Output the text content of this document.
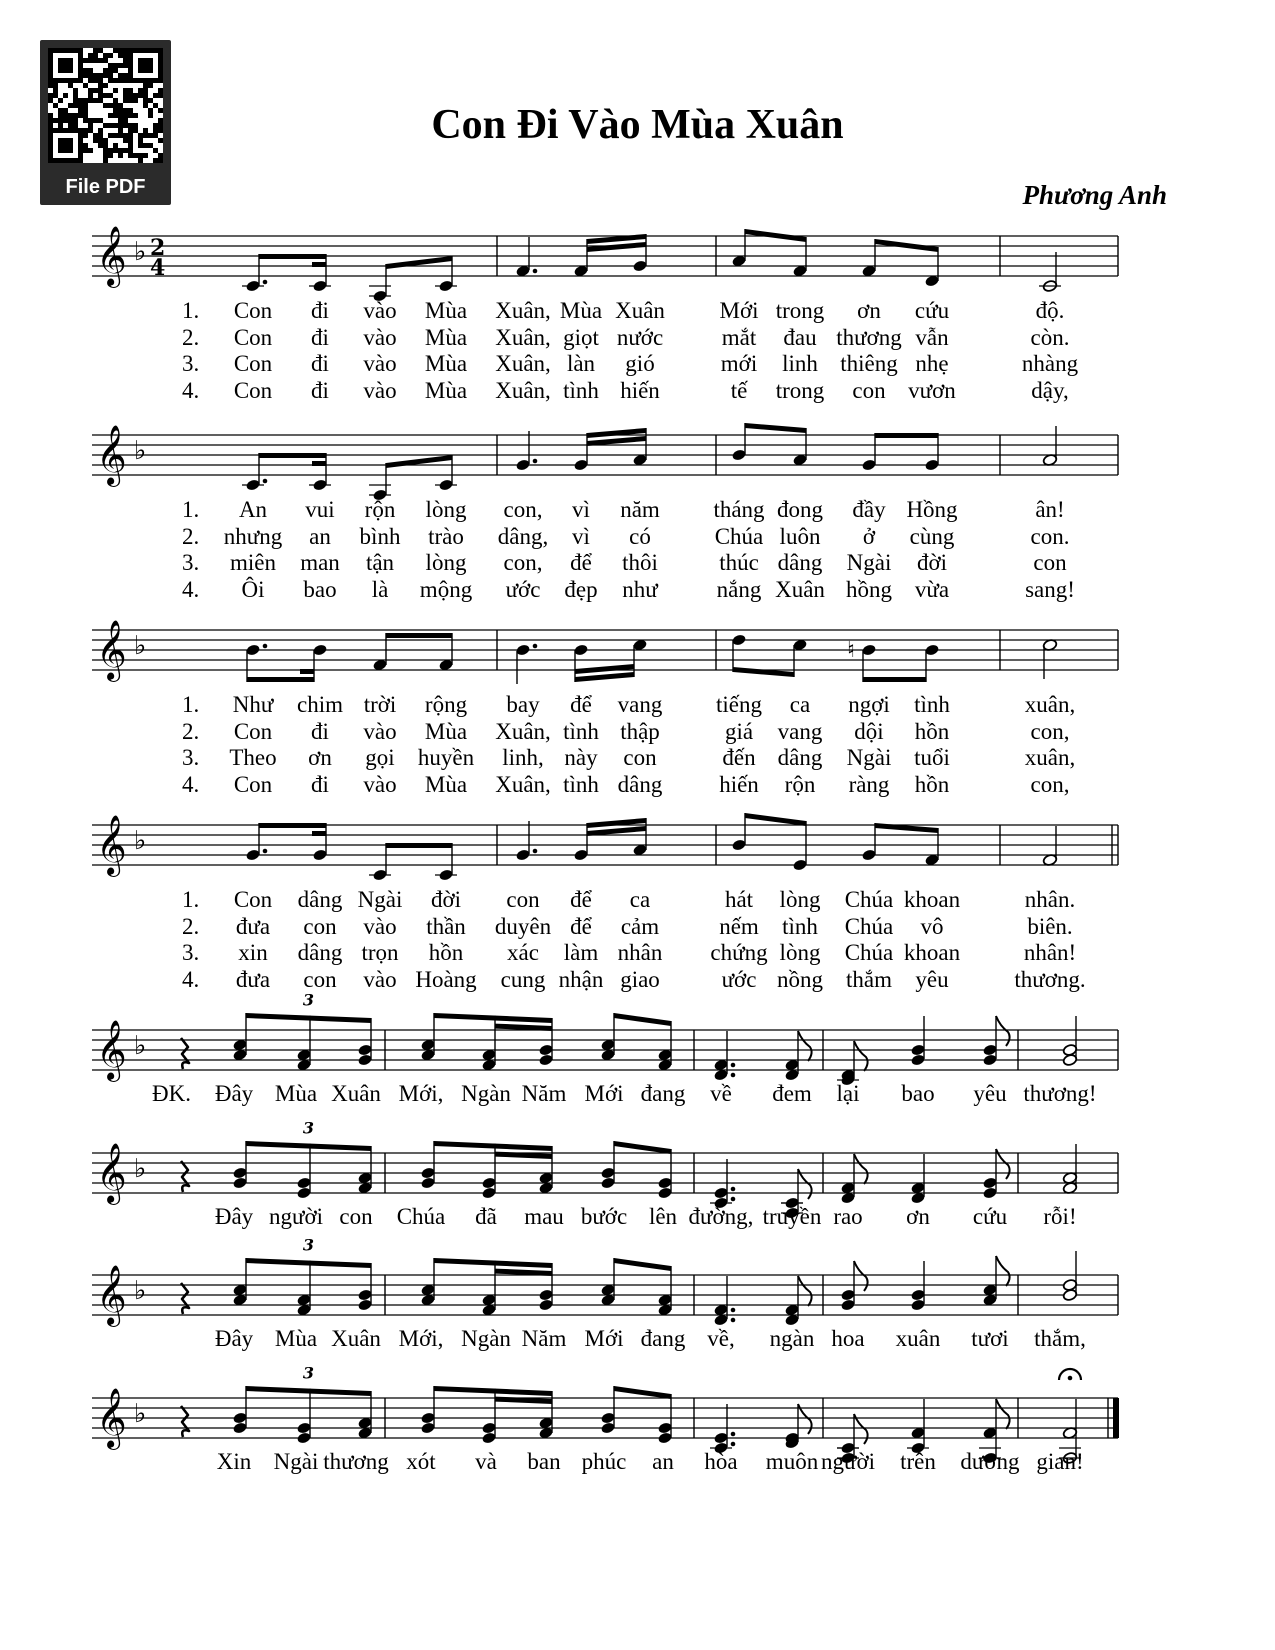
File PDF
Con Đi Vào Mùa Xuân
Phương Anh
𝄞 ♭ 2
4
𝄞 ♭
𝄞 ♭	♮
𝄞 ♭
𝄞 ♭
3
𝄞 ♭
3
𝄞 ♭
3
𝄞 ♭
3
1. Con đi vào Mùa Xuân, Mùa Xuân Mới trong ơn cứu	độ.
2. Con đi vào Mùa Xuân, giọt nước	mắt đau thương vẫn	còn.
3. Con đi vào Mùa Xuân, làn gió	mới linh thiêng nhẹ	nhàng
4. Con đi vào Mùa Xuân, tình hiến	tế trong con vươn	dậy,
1. An vui rộn lòng con, vì năm tháng đong đầy Hồng	ân!
2. nhưng an bình trào dâng, vì có	Chúa luôn ở cùng	con.
3. miên man tận lòng con, để thôi	thúc dâng Ngài đời	con
4. Ôi bao là mộng ước đẹp như	nắng Xuân hồng vừa	sang!
1. Như chim trời rộng bay để vang tiếng ca ngợi tình	xuân,
2. Con đi vào Mùa Xuân, tình thập	giá vang dội hồn	con,
3. Theo ơn gọi huyền linh, này con	đến dâng Ngài tuổi	xuân,
4. Con đi vào Mùa Xuân, tình dâng hiến rộn ràng hồn	con,
1. Con dâng Ngài đời con để ca	hát lòng Chúa khoan	nhân.
2. đưa con vào thần duyên để cảm	nếm tình Chúa vô	biên.
3. xin dâng trọn hồn xác làm nhân chứng lòng Chúa khoan	nhân!
4. đưa con vào Hoàng cung nhận giao	ước nồng thắm yêu	thương.
ĐK. Đây Mùa Xuân Mới, Ngàn Năm Mới đang về đem lại bao yêu thương!
Đây người con Chúa đã mau bước lên đường, truyền rao ơn cứu rỗi!
Đây Mùa Xuân Mới, Ngàn Năm Mới đang về, ngàn hoa xuân tươi thắm,
Xin Ngài thương xót và ban phúc an hòa muôn người trên dương gian!
